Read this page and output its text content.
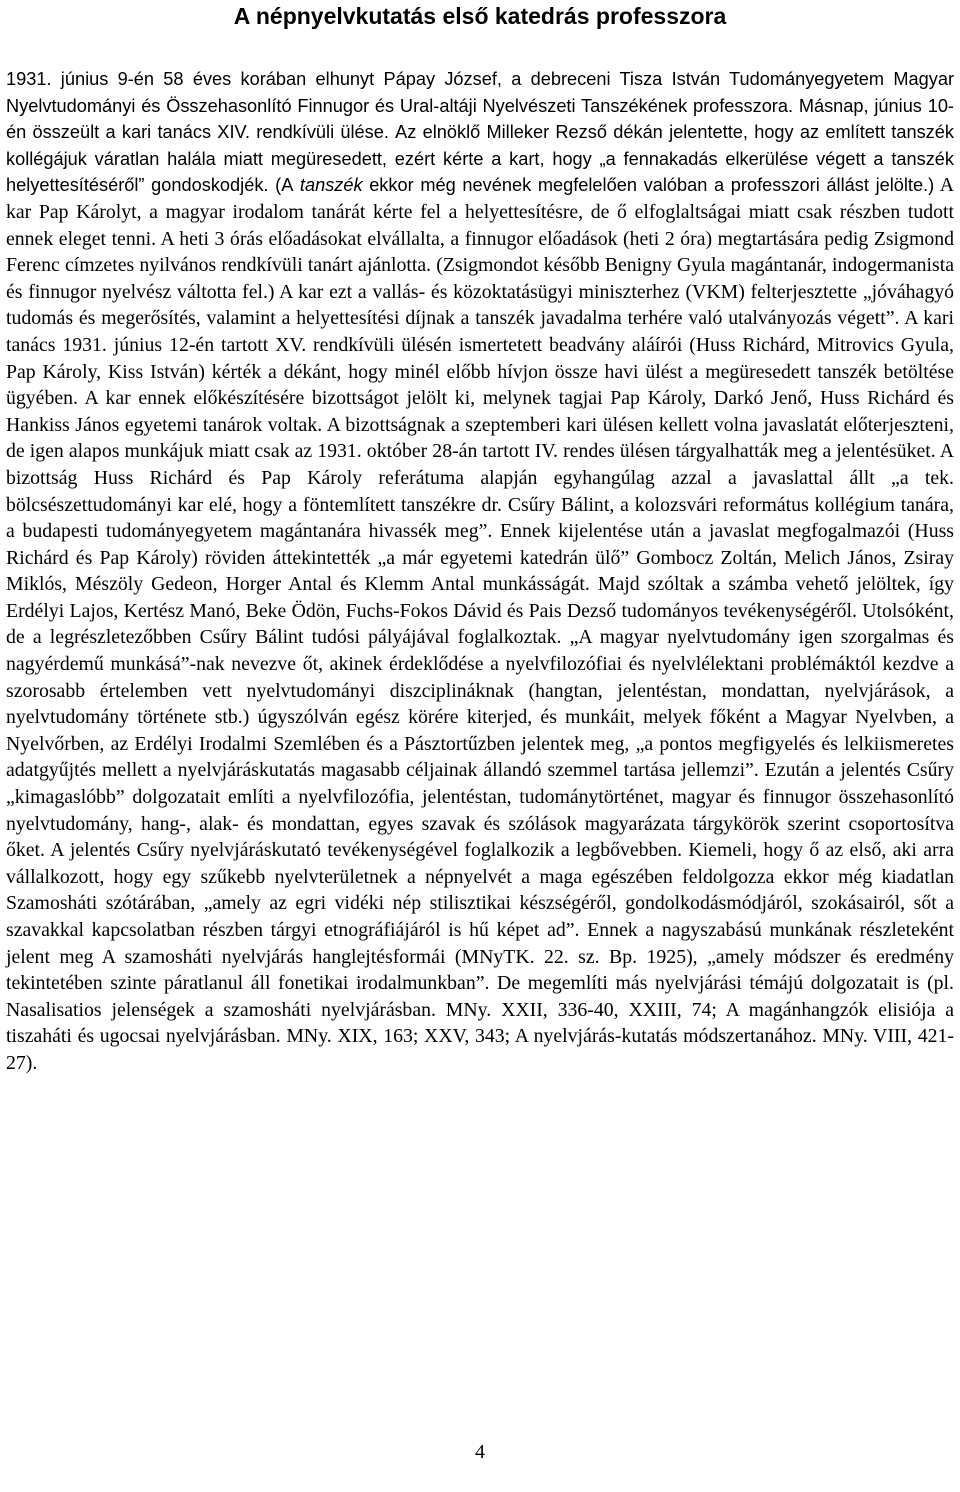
A népnyelvkutatás első katedrás professzora

1931. június 9-én 58 éves korában elhunyt Pápay József, a debreceni Tisza István Tudományegyetem Magyar Nyelvtudományi és Összehasonlító Finnugor és Ural-altáji Nyelvészeti Tanszékének professzora. Másnap, június 10-én összeült a kari tanács XIV. rendkívüli ülése. Az elnöklő Milleker Rezső dékán jelentette, hogy az említett tanszék kollégájuk váratlan halála miatt megüresedett, ezért kérte a kart, hogy „a fennakadás elkerülése végett a tanszék helyettesítéséről” gondoskodjék. (A tanszék ekkor még nevének megfelelően valóban a professzori állást jelölte.) A kar Pap Károlyt, a magyar irodalom tanárát kérte fel a helyettesítésre, de ő elfoglaltságai miatt csak részben tudott ennek eleget tenni. A heti 3 órás előadásokat elvállalta, a finnugor előadások (heti 2 óra) megtartására pedig Zsigmond Ferenc címzetes nyilvános rendkívüli tanárt ajánlotta. (Zsigmondot később Benigny Gyula magántanár, indogermanista és finnugor nyelvész váltotta fel.) A kar ezt a vallás- és közoktatásügyi miniszterhez (VKM) felterjesztette „jóváhagyó tudomás és megerősítés, valamint a helyettesítési díjnak a tanszék javadalma terhére való utalványozás végett”. A kari tanács 1931. június 12-én tartott XV. rendkívüli ülésén ismertetett beadvány aláírói (Huss Richárd, Mitrovics Gyula, Pap Károly, Kiss István) kérték a dékánt, hogy minél előbb hívjon össze havi ülést a megüresedett tanszék betöltése ügyében. A kar ennek előkészítésére bizottságot jelölt ki, melynek tagjai Pap Károly, Darkó Jenő, Huss Richárd és Hankiss János egyetemi tanárok voltak. A bizottságnak a szeptemberi kari ülésen kellett volna javaslatát előterjeszteni, de igen alapos munkájuk miatt csak az 1931. október 28-án tartott IV. rendes ülésen tárgyalhatták meg a jelentésüket. A bizottság Huss Richárd és Pap Károly referátuma alapján egyhangúlag azzal a javaslattal állt „a tek. bölcsészettudományi kar elé, hogy a föntemlített tanszékre dr. Csűry Bálint, a kolozsvári református kollégium tanára, a budapesti tudományegyetem magántanára hivassék meg”. Ennek kijelentése után a javaslat megfogalmazói (Huss Richárd és Pap Károly) röviden áttekintették „a már egyetemi katedrán ülő” Gombocz Zoltán, Melich János, Zsiray Miklós, Mészöly Gedeon, Horger Antal és Klemm Antal munkásságát. Majd szóltak a számba vehető jelöltek, így Erdélyi Lajos, Kertész Manó, Beke Ödön, Fuchs-Fokos Dávid és Pais Dezső tudományos tevékenységéről. Utolsóként, de a legrészletezőbben Csűry Bálint tudósi pályájával foglalkoztak. „A magyar nyelvtudomány igen szorgalmas és nagyérdemű munkásá”-nak nevezve őt, akinek érdeklődése a nyelvfilozófiai és nyelvlélektani problémáktól kezdve a szorosabb értelemben vett nyelvtudományi diszciplináknak (hangtan, jelentéstan, mondattan, nyelvjárások, a nyelvtudomány története stb.) úgyszólván egész körére kiterjed, és munkáit, melyek főként a Magyar Nyelvben, a Nyelvőrben, az Erdélyi Irodalmi Szemlében és a Pásztortűzben jelentek meg, „a pontos megfigyelés és lelkiismeretes adatgyűjtés mellett a nyelvjáráskutatás magasabb céljainak állandó szemmel tartása jellemzi”. Ezután a jelentés Csűry „kimagaslóbb” dolgozatait említi a nyelvfilozófia, jelentéstan, tudománytörténet, magyar és finnugor összehasonlító nyelvtudomány, hang-, alak- és mondattan, egyes szavak és szólások magyarázata tárgykörök szerint csoportosítva őket. A jelentés Csűry nyelvjáráskutató tevékenységével foglalkozik a legbővebben. Kiemeli, hogy ő az első, aki arra vállalkozott, hogy egy szűkebb nyelvterületnek a népnyelvét a maga egészében feldolgozza ekkor még kiadatlan Szamosháti szótárában, „amely az egri vidéki nép stilisztikai készségéről, gondolkodásmódjáról, szokásairól, sőt a szavakkal kapcsolatban részben tárgyi etnográfiájáról is hű képet ad”. Ennek a nagyszabású munkának részleteként jelent meg A szamosháti nyelvjárás hanglejtésformái (MNyTK. 22. sz. Bp. 1925), „amely módszer és eredmény tekintetében szinte páratlanul áll fonetikai irodalmunkban”. De megemlíti más nyelvjárási témájú dolgozatait is (pl. Nasalisatios jelenségek a szamosháti nyelvjárásban. MNy. XXII, 336-40, XXIII, 74; A magánhangzók elisiója a tiszaháti és ugocsai nyelvjárásban. MNy. XIX, 163; XXV, 343; A nyelvjárás-kutatás módszertanához. MNy. VIII, 421-27).

4
